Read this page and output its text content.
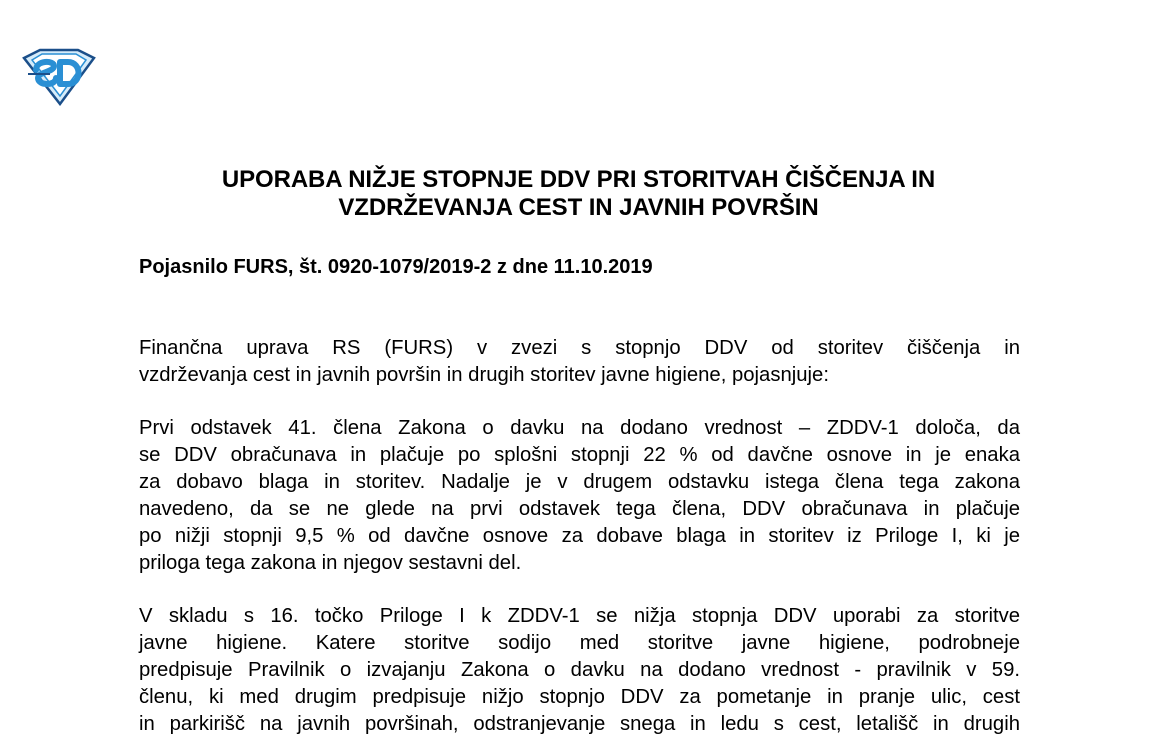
UPORABA NIŽJE STOPNJE DDV PRI STORITVAH ČIŠČENJA IN
VZDRŽEVANJA CEST IN JAVNIH POVRŠIN
Pojasnilo FURS, št. 0920-1079/2019-2 z dne 11.10.2019

Finančna uprava RS (FURS) v zvezi s stopnjo DDV od storitev čiščenja in
vzdrževanja cest in javnih površin in drugih storitev javne higiene, pojasnjuje:

Prvi odstavek 41. člena Zakona o davku na dodano vrednost – ZDDV-1 določa, da
se DDV obračunava in plačuje po splošni stopnji 22 % od davčne osnove in je enaka
za dobavo blaga in storitev. Nadalje je v drugem odstavku istega člena tega zakona
navedeno, da se ne glede na prvi odstavek tega člena, DDV obračunava in plačuje
po nižji stopnji 9,5 % od davčne osnove za dobave blaga in storitev iz Priloge I, ki je
priloga tega zakona in njegov sestavni del.

V skladu s 16. točko Priloge I k ZDDV-1 se nižja stopnja DDV uporabi za storitve
javne higiene. Katere storitve sodijo med storitve javne higiene, podrobneje
predpisuje Pravilnik o izvajanju Zakona o davku na dodano vrednost - pravilnik v 59.
členu, ki med drugim predpisuje nižjo stopnjo DDV za pometanje in pranje ulic, cest
in parkirišč na javnih površinah, odstranjevanje snega in ledu s cest, letališč in drugih
